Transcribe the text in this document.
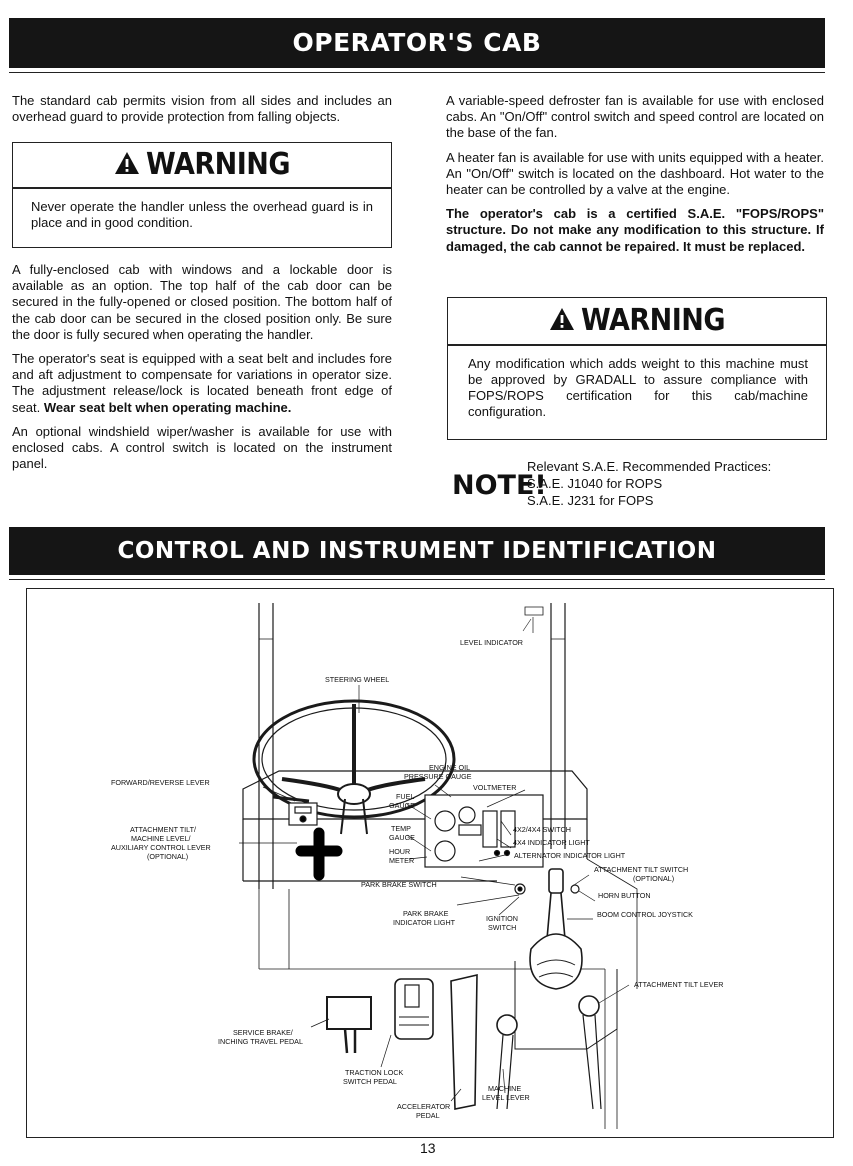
OPERATOR'S CAB

The standard cab permits vision from all sides and includes an overhead guard to provide protection from falling objects.

WARNING
Never operate the handler unless the overhead guard is in place and in good condition.

A fully-enclosed cab with windows and a lockable door is available as an option. The top half of the cab door can be secured in the fully-opened or closed position. The bottom half of the cab door can be secured in the closed position only. Be sure the door is fully secured when operating the handler.

The operator's seat is equipped with a seat belt and includes fore and aft adjustment to compensate for variations in operator size. The adjustment release/lock is located beneath front edge of seat. Wear seat belt when operating machine.

An optional windshield wiper/washer is available for use with enclosed cabs. A control switch is located on the instrument panel.

A variable-speed defroster fan is available for use with enclosed cabs. An "On/Off" control switch and speed control are located on the base of the fan.

A heater fan is available for use with units equipped with a heater. An "On/Off" switch is located on the dashboard. Hot water to the heater can be controlled by a valve at the engine.

The operator's cab is a certified S.A.E. "FOPS/ROPS" structure. Do not make any modification to this structure. If damaged, the cab cannot be repaired. It must be replaced.

WARNING
Any modification which adds weight to this machine must be approved by GRADALL to assure compliance with FOPS/ROPS certification for this cab/machine configuration.
NOTE!
Relevant S.A.E. Recommended Practices:
S.A.E. J1040 for ROPS
S.A.E. J231 for FOPS
CONTROL AND INSTRUMENT IDENTIFICATION
LEVEL INDICATOR
STEERING WHEEL
FORWARD/REVERSE LEVER
ENGINE OIL
PRESSURE GAUGE
VOLTMETER
FUEL
GAUGE
TEMP
GAUGE
HOUR
METER
ATTACHMENT TILT/
MACHINE LEVEL/
AUXILIARY CONTROL LEVER
(OPTIONAL)
4X2/4X4 SWITCH
4X4 INDICATOR LIGHT
ALTERNATOR INDICATOR LIGHT
ATTACHMENT TILT SWITCH
(OPTIONAL)
PARK BRAKE SWITCH
HORN BUTTON
PARK BRAKE
INDICATOR LIGHT	IGNITION
SWITCH
BOOM CONTROL JOYSTICK
ATTACHMENT TILT LEVER
SERVICE BRAKE/
INCHING TRAVEL PEDAL
TRACTION LOCK
SWITCH PEDAL
ACCELERATOR
PEDAL
MACHINE
LEVEL LEVER
13
